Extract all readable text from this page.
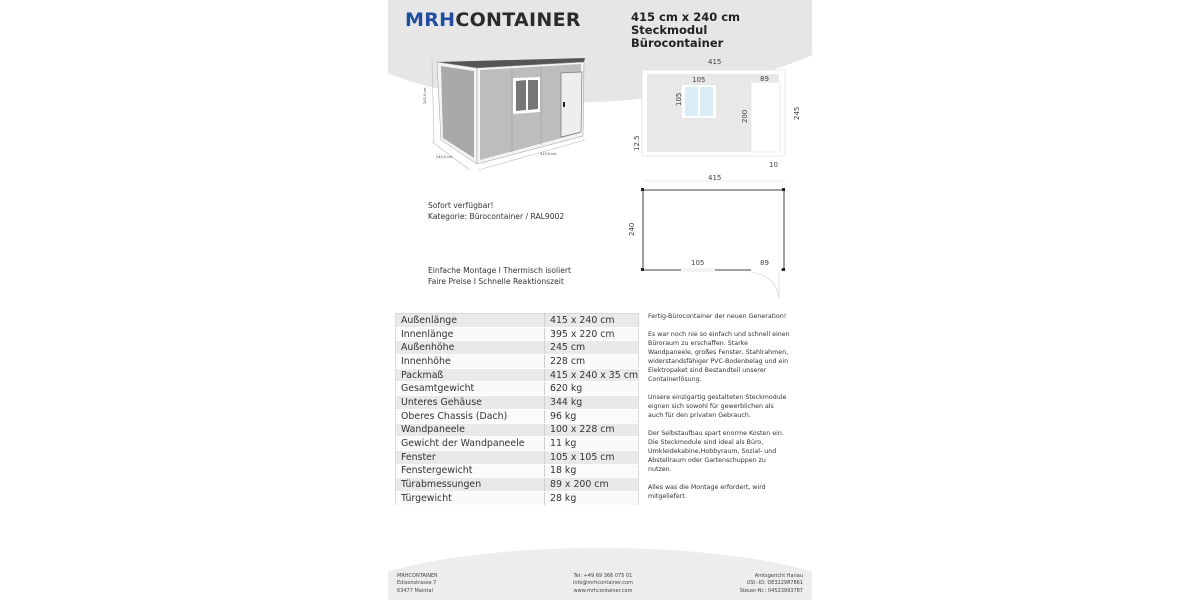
MRHCONTAINER	415 cm x 240 cm Steckmodul
Bürocontainer
245,0 cm
240,0 cm
415,0 cm
415
105	89
105
200	245
12.5
10
415
240
105	89
Sofort verfügbar!
Kategorie: Bürocontainer / RAL9002
Einfache Montage I Thermisch isoliert
Faire Preise I Schnelle Reaktionszeit
Außenlänge	415 x 240 cm
Innenlänge	395 x 220 cm
Außenhöhe	245 cm
Innenhöhe	228 cm
Packmaß	415 x 240 x 35 cm
Gesamtgewicht	620 kg
Unteres Gehäuse	344 kg
Oberes Chassis (Dach)	96 kg
Wandpaneele	100 x 228 cm
Gewicht der Wandpaneele	11 kg
Fenster	105 x 105 cm
Fenstergewicht	18 kg
Türabmessungen	89 x 200 cm
Türgewicht	28 kg

Fertig-Bürocontainer der neuen Generation!

Es war noch nie so einfach und schnell einen Büroraum zu erschaffen. Starke Wandpaneele, großes Fenster, Stahlrahmen, widerstandsfähiger PVC-Bodenbelag und ein Elektropaket sind Bestandteil unserer Containerlösung.

Unsere einzigartig gestalteten Steckmodule eignen sich sowohl für gewerblichen als auch für den privaten Gebrauch.

Der Selbstaufbau spart enorme Kosten ein. Die Steckmodule sind ideal als Büro, Umkleidekabine,Hobbyraum, Sozial- und Abstellraum oder Gartenschuppen zu nutzen.

Alles was die Montage erfordert, wird mitgeliefert.

MRHCONTAINER
Edisonstrasse 7
63477 Maintal
Tel: +49 69 366 075 01
info@mrhcontainer.com
www.mrhcontainer.com
Amtsgericht Hanau
USt.-ID: DE322987861
Steuer-Nr.: 04523993787
